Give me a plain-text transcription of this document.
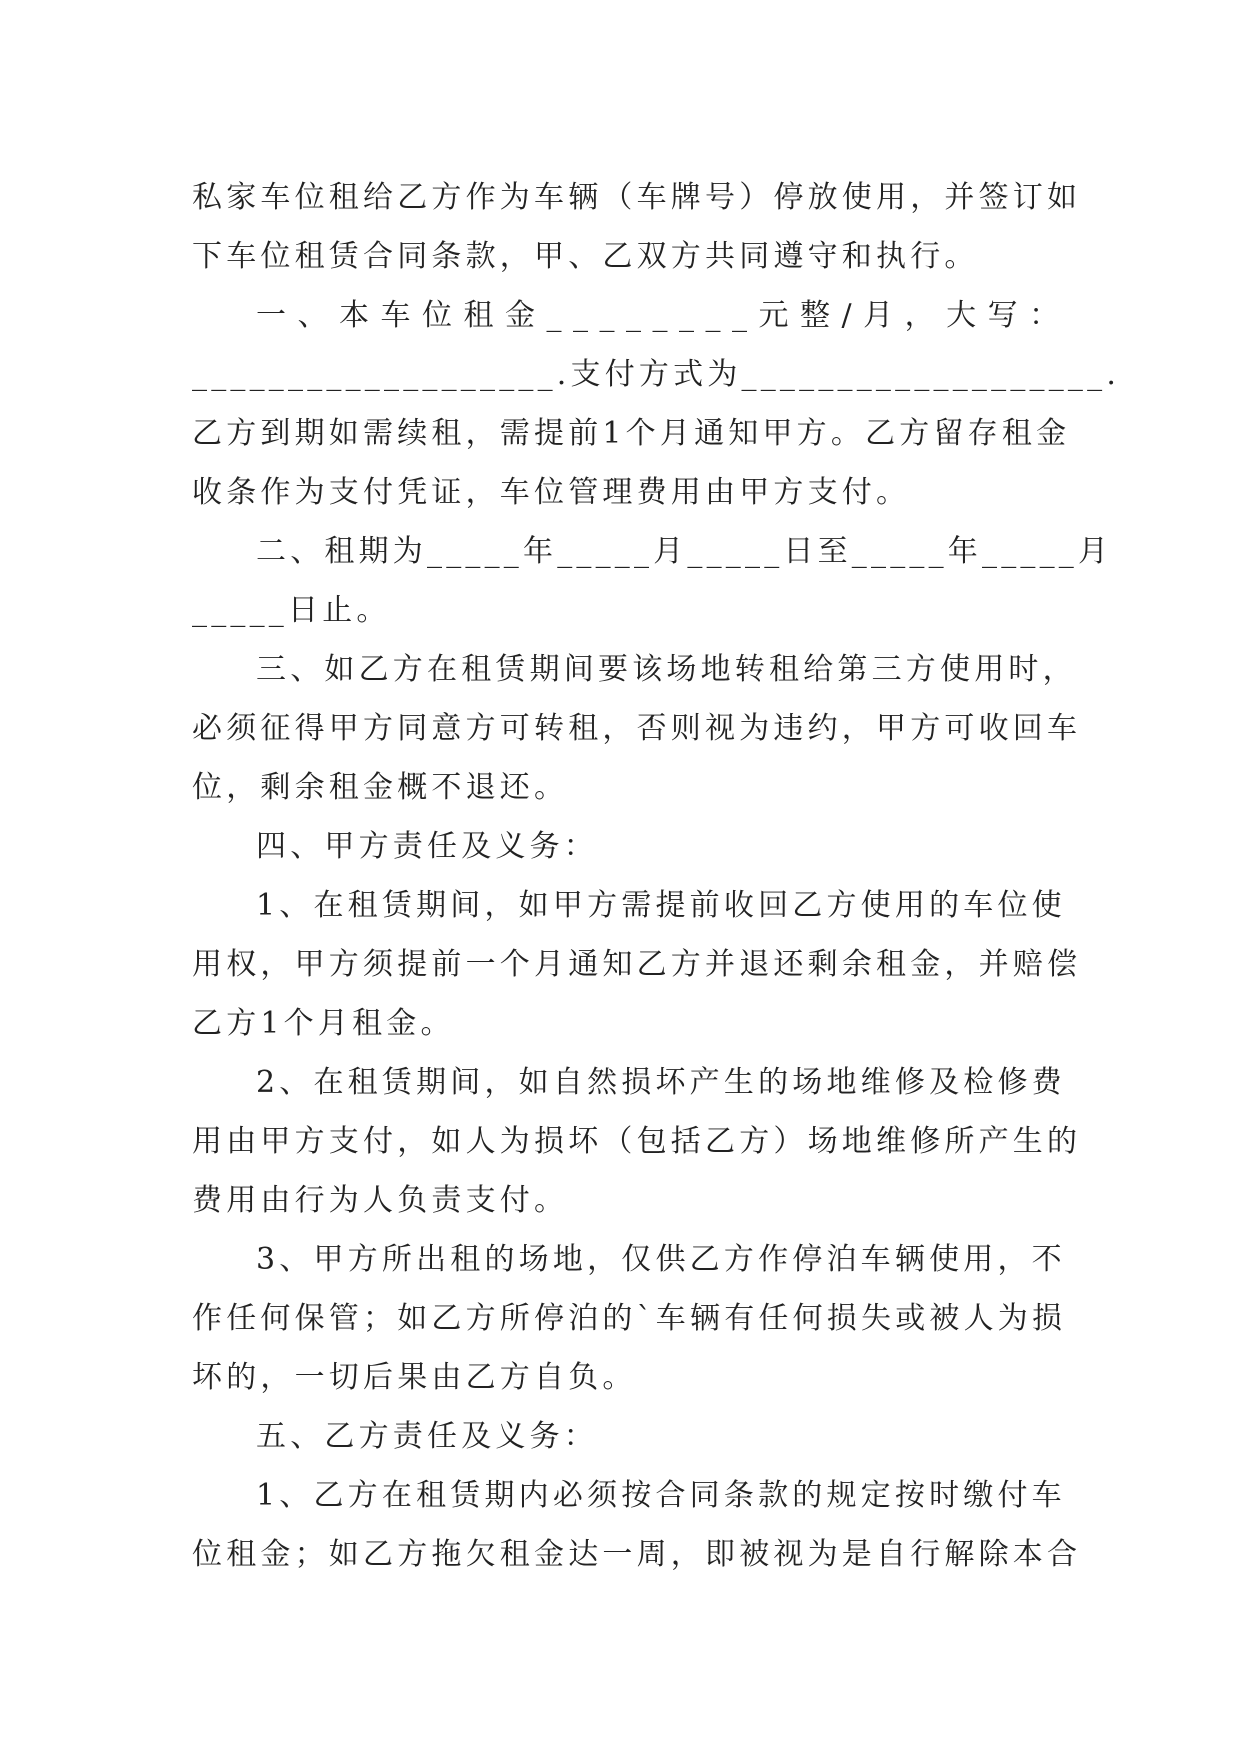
私家车位租给乙方作为车辆（车牌号）停放使用，并签订如
下车位租赁合同条款，甲、乙双方共同遵守和执行。
一、本车位租金________元整/月，大写：
___________________.支付方式为___________________.
乙方到期如需续租，需提前1个月通知甲方。乙方留存租金
收条作为支付凭证，车位管理费用由甲方支付。
二、租期为_____年_____月_____日至_____年_____月
_____日止。
三、如乙方在租赁期间要该场地转租给第三方使用时，
必须征得甲方同意方可转租，否则视为违约，甲方可收回车
位，剩余租金概不退还。
四、甲方责任及义务：
1、在租赁期间，如甲方需提前收回乙方使用的车位使
用权，甲方须提前一个月通知乙方并退还剩余租金，并赔偿
乙方1个月租金。
2、在租赁期间，如自然损坏产生的场地维修及检修费
用由甲方支付，如人为损坏（包括乙方）场地维修所产生的
费用由行为人负责支付。
3、甲方所出租的场地，仅供乙方作停泊车辆使用，不
作任何保管；如乙方所停泊的`车辆有任何损失或被人为损
坏的，一切后果由乙方自负。
五、乙方责任及义务：
1、乙方在租赁期内必须按合同条款的规定按时缴付车
位租金；如乙方拖欠租金达一周，即被视为是自行解除本合
